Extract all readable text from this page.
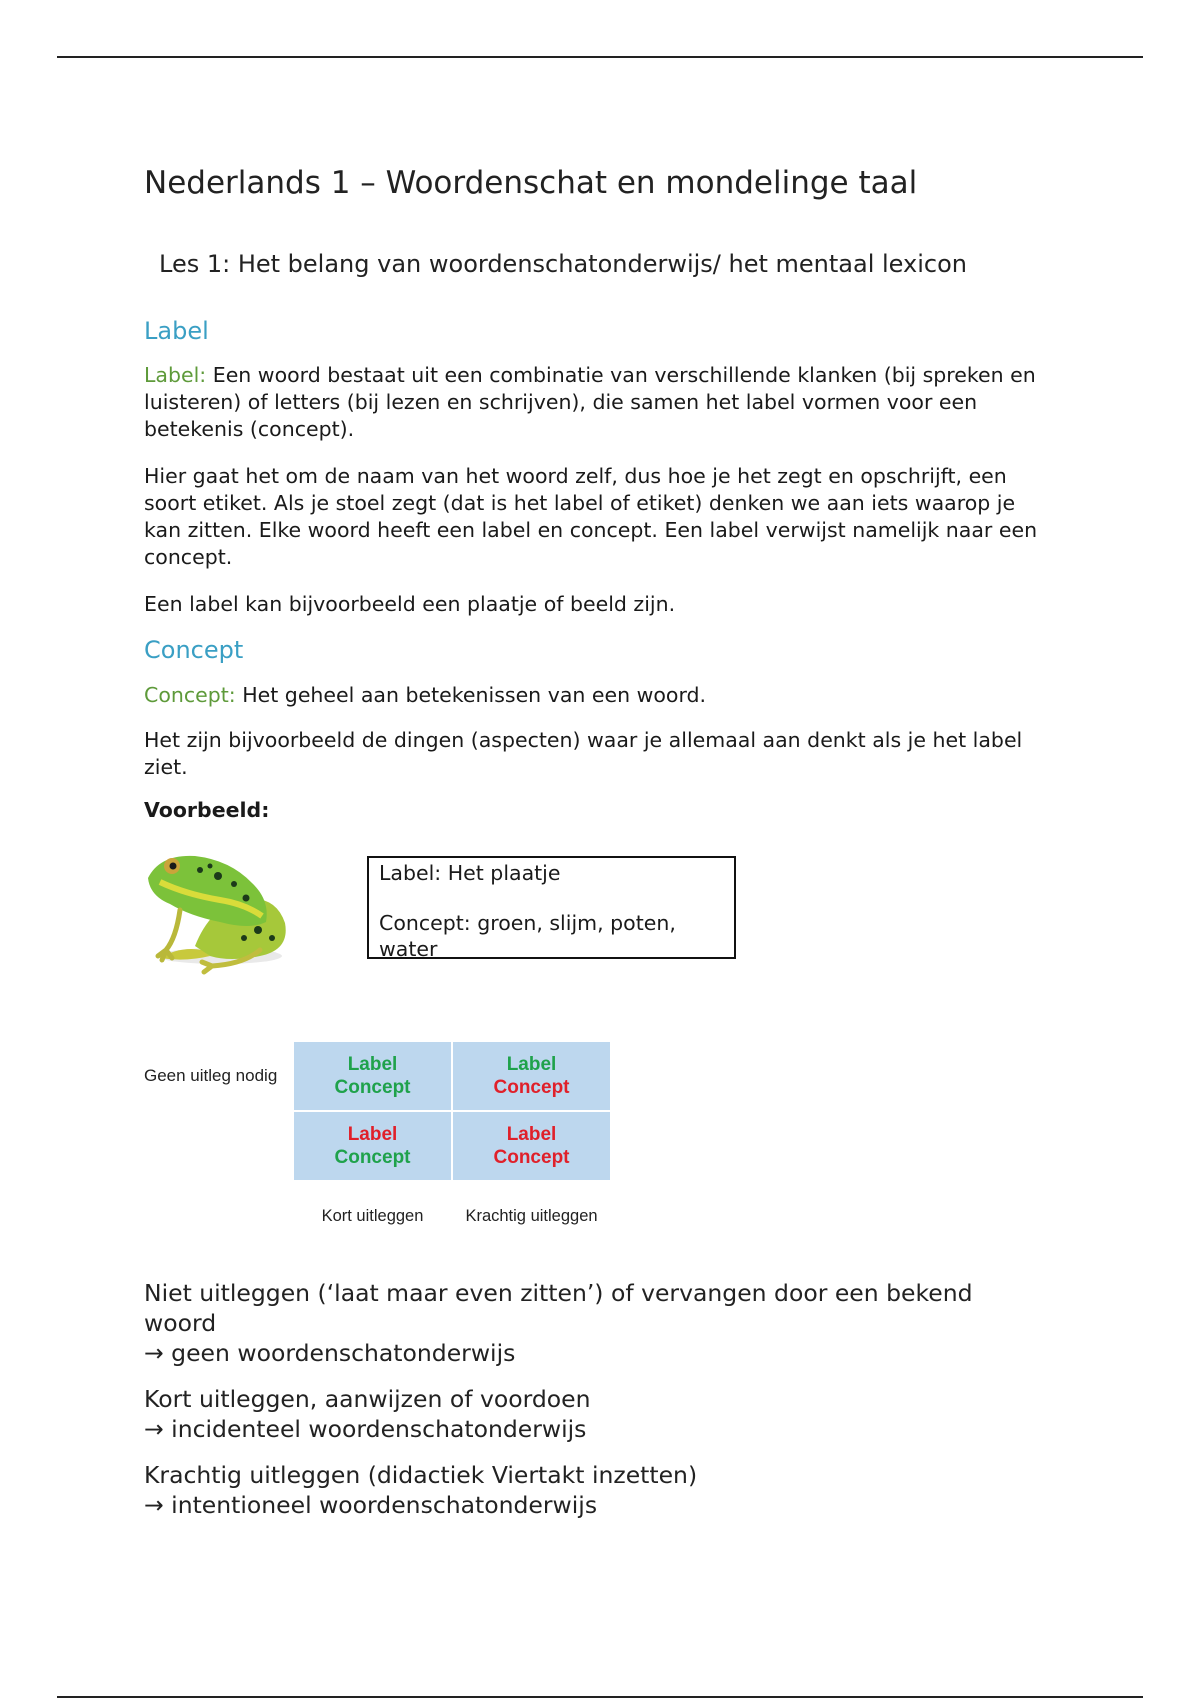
Nederlands 1 – Woordenschat en mondelinge taal
Les 1: Het belang van woordenschatonderwijs/ het mentaal lexicon
Label
Label: Een woord bestaat uit een combinatie van verschillende klanken (bij spreken en luisteren) of letters (bij lezen en schrijven), die samen het label vormen voor een betekenis (concept).
Hier gaat het om de naam van het woord zelf, dus hoe je het zegt en opschrijft, een soort etiket. Als je stoel zegt (dat is het label of etiket) denken we aan iets waarop je kan zitten. Elke woord heeft een label en concept. Een label verwijst namelijk naar een concept.
Een label kan bijvoorbeeld een plaatje of beeld zijn.
Concept
Concept: Het geheel aan betekenissen van een woord.
Het zijn bijvoorbeeld de dingen (aspecten) waar je allemaal aan denkt als je het label ziet.
Voorbeeld:

Label: Het plaatje

Concept: groen, slijm, poten, water

Geen uitleg nodig
Label
Concept
Label
Concept
Label
Concept
Label
Concept
Kort uitleggen	Krachtig uitleggen
Niet uitleggen (‘laat maar even zitten’) of vervangen door een bekend woord
→ geen woordenschatonderwijs
Kort uitleggen, aanwijzen of voordoen
→ incidenteel woordenschatonderwijs
Krachtig uitleggen (didactiek Viertakt inzetten)
→ intentioneel woordenschatonderwijs
